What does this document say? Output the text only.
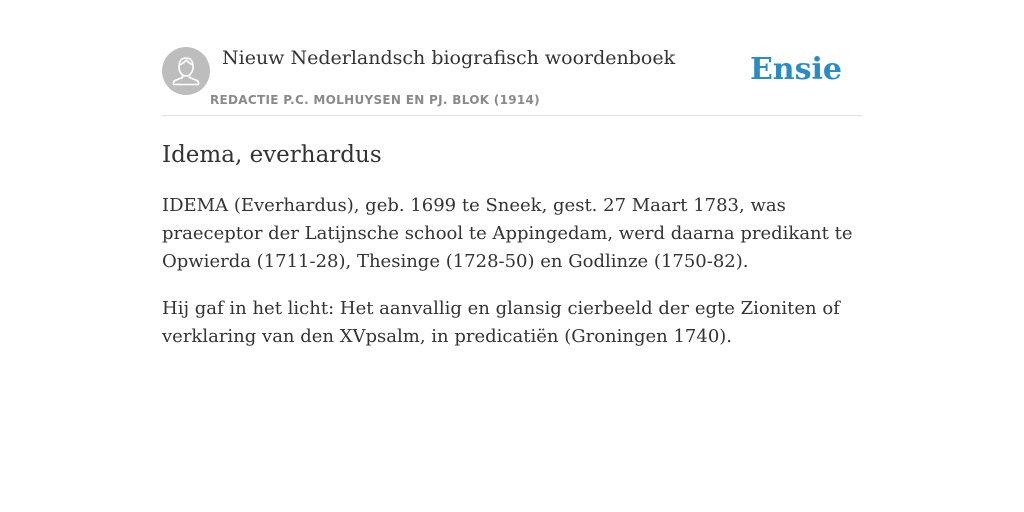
Nieuw Nederlandsch biografisch woordenboek
REDACTIE P.C. MOLHUYSEN EN PJ. BLOK (1914)
Ensie
Idema, everhardus

IDEMA (Everhardus), geb. 1699 te Sneek, gest. 27 Maart 1783, was praeceptor der Latijnsche school te Appingedam, werd daarna predikant te Opwierda (1711-28), Thesinge (1728-50) en Godlinze (1750-82).

Hij gaf in het licht: Het aanvallig en glansig cierbeeld der egte Zioniten of verklaring van den XVpsalm, in predicatiën (Groningen 1740).
